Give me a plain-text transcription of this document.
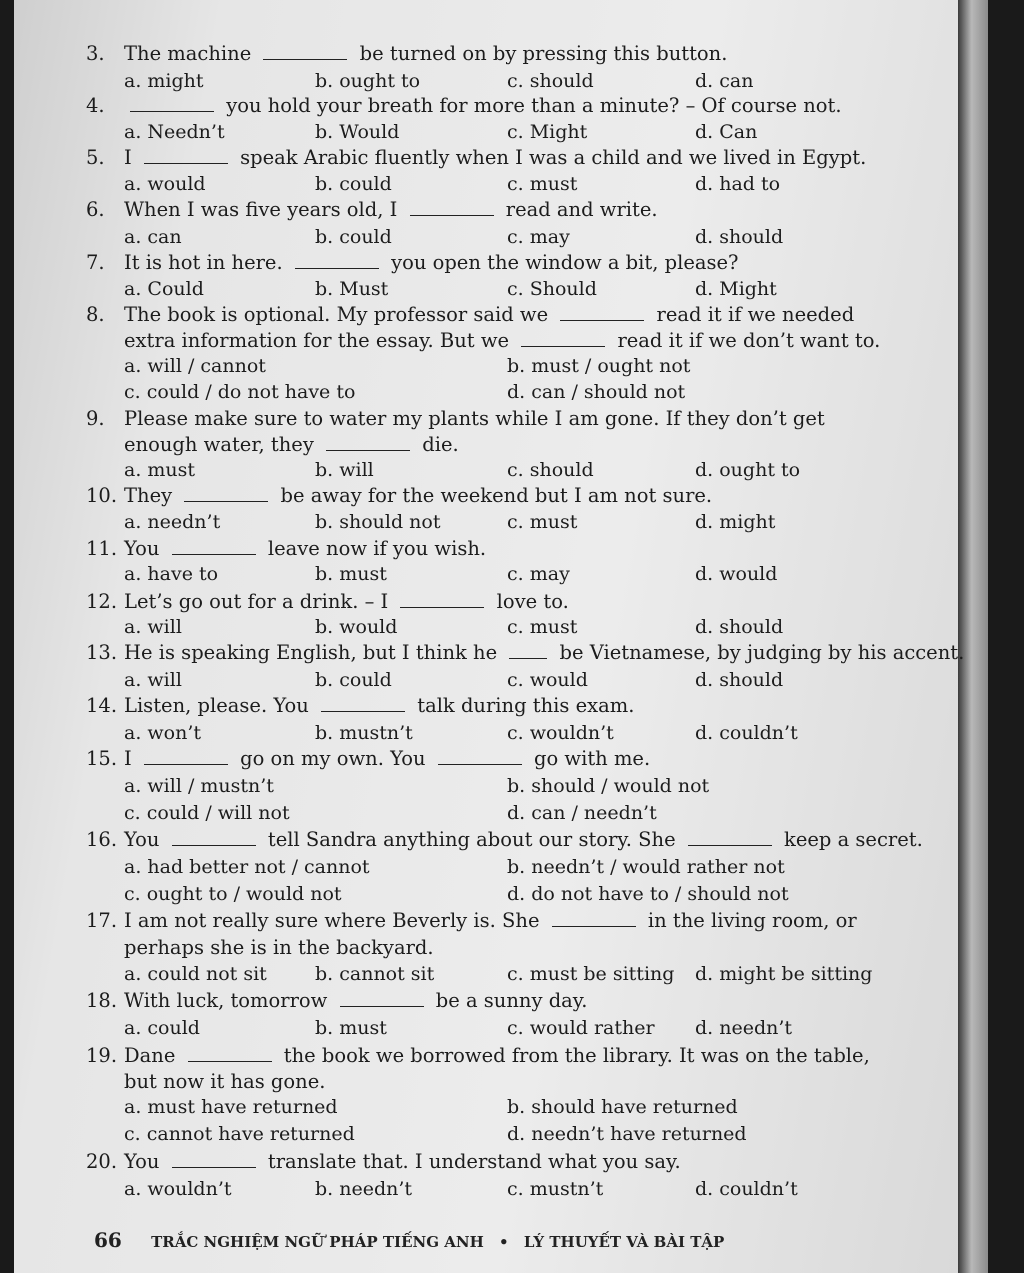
3. The machine	be turned on by pressing this button.
a. might	b. ought to	c. should	d. can
4.	you hold your breath for more than a minute? – Of course not.
a. Needn’t	b. Would	c. Might	d. Can
5. I	speak Arabic fluently when I was a child and we lived in Egypt.
a. would	b. could	c. must	d. had to
6. When I was five years old, I	read and write.
a. can	b. could	c. may	d. should
7. It is hot in here.	you open the window a bit, please?
a. Could	b. Must	c. Should	d. Might
8. The book is optional. My professor said we	read it if we needed
extra information for the essay. But we	read it if we don’t want to.
a. will / cannot	b. must / ought not
c. could / do not have to	d. can / should not
9. Please make sure to water my plants while I am gone. If they don’t get
enough water, they	die.
a. must	b. will	c. should	d. ought to
10. They	be away for the weekend but I am not sure.
a. needn’t	b. should not	c. must	d. might
11. You	leave now if you wish.
a. have to	b. must	c. may	d. would
12. Let’s go out for a drink. – I	love to.
a. will	b. would	c. must	d. should
13. He is speaking English, but I think he	be Vietnamese, by judging by his accent.
a. will	b. could	c. would	d. should
14. Listen, please. You	talk during this exam.
a. won’t	b. mustn’t	c. wouldn’t	d. couldn’t
15. I	go on my own. You	go with me.
a. will / mustn’t	b. should / would not
c. could / will not	d. can / needn’t
16. You	tell Sandra anything about our story. She	keep a secret.
a. had better not / cannot	b. needn’t / would rather not
c. ought to / would not	d. do not have to / should not
17. I am not really sure where Beverly is. She	in the living room, or
perhaps she is in the backyard.
a. could not sit	b. cannot sit	c. must be sitting d. might be sitting
18. With luck, tomorrow	be a sunny day.
a. could	b. must	c. would rather d. needn’t
19. Dane	the book we borrowed from the library. It was on the table,
but now it has gone.
a. must have returned	b. should have returned
c. cannot have returned	d. needn’t have returned
20. You	translate that. I understand what you say.
a. wouldn’t	b. needn’t	c. mustn’t	d. couldn’t
66 TRẮC NGHIỆM NGỮ PHÁP TIẾNG ANH • LÝ THUYẾT VÀ BÀI TẬP
